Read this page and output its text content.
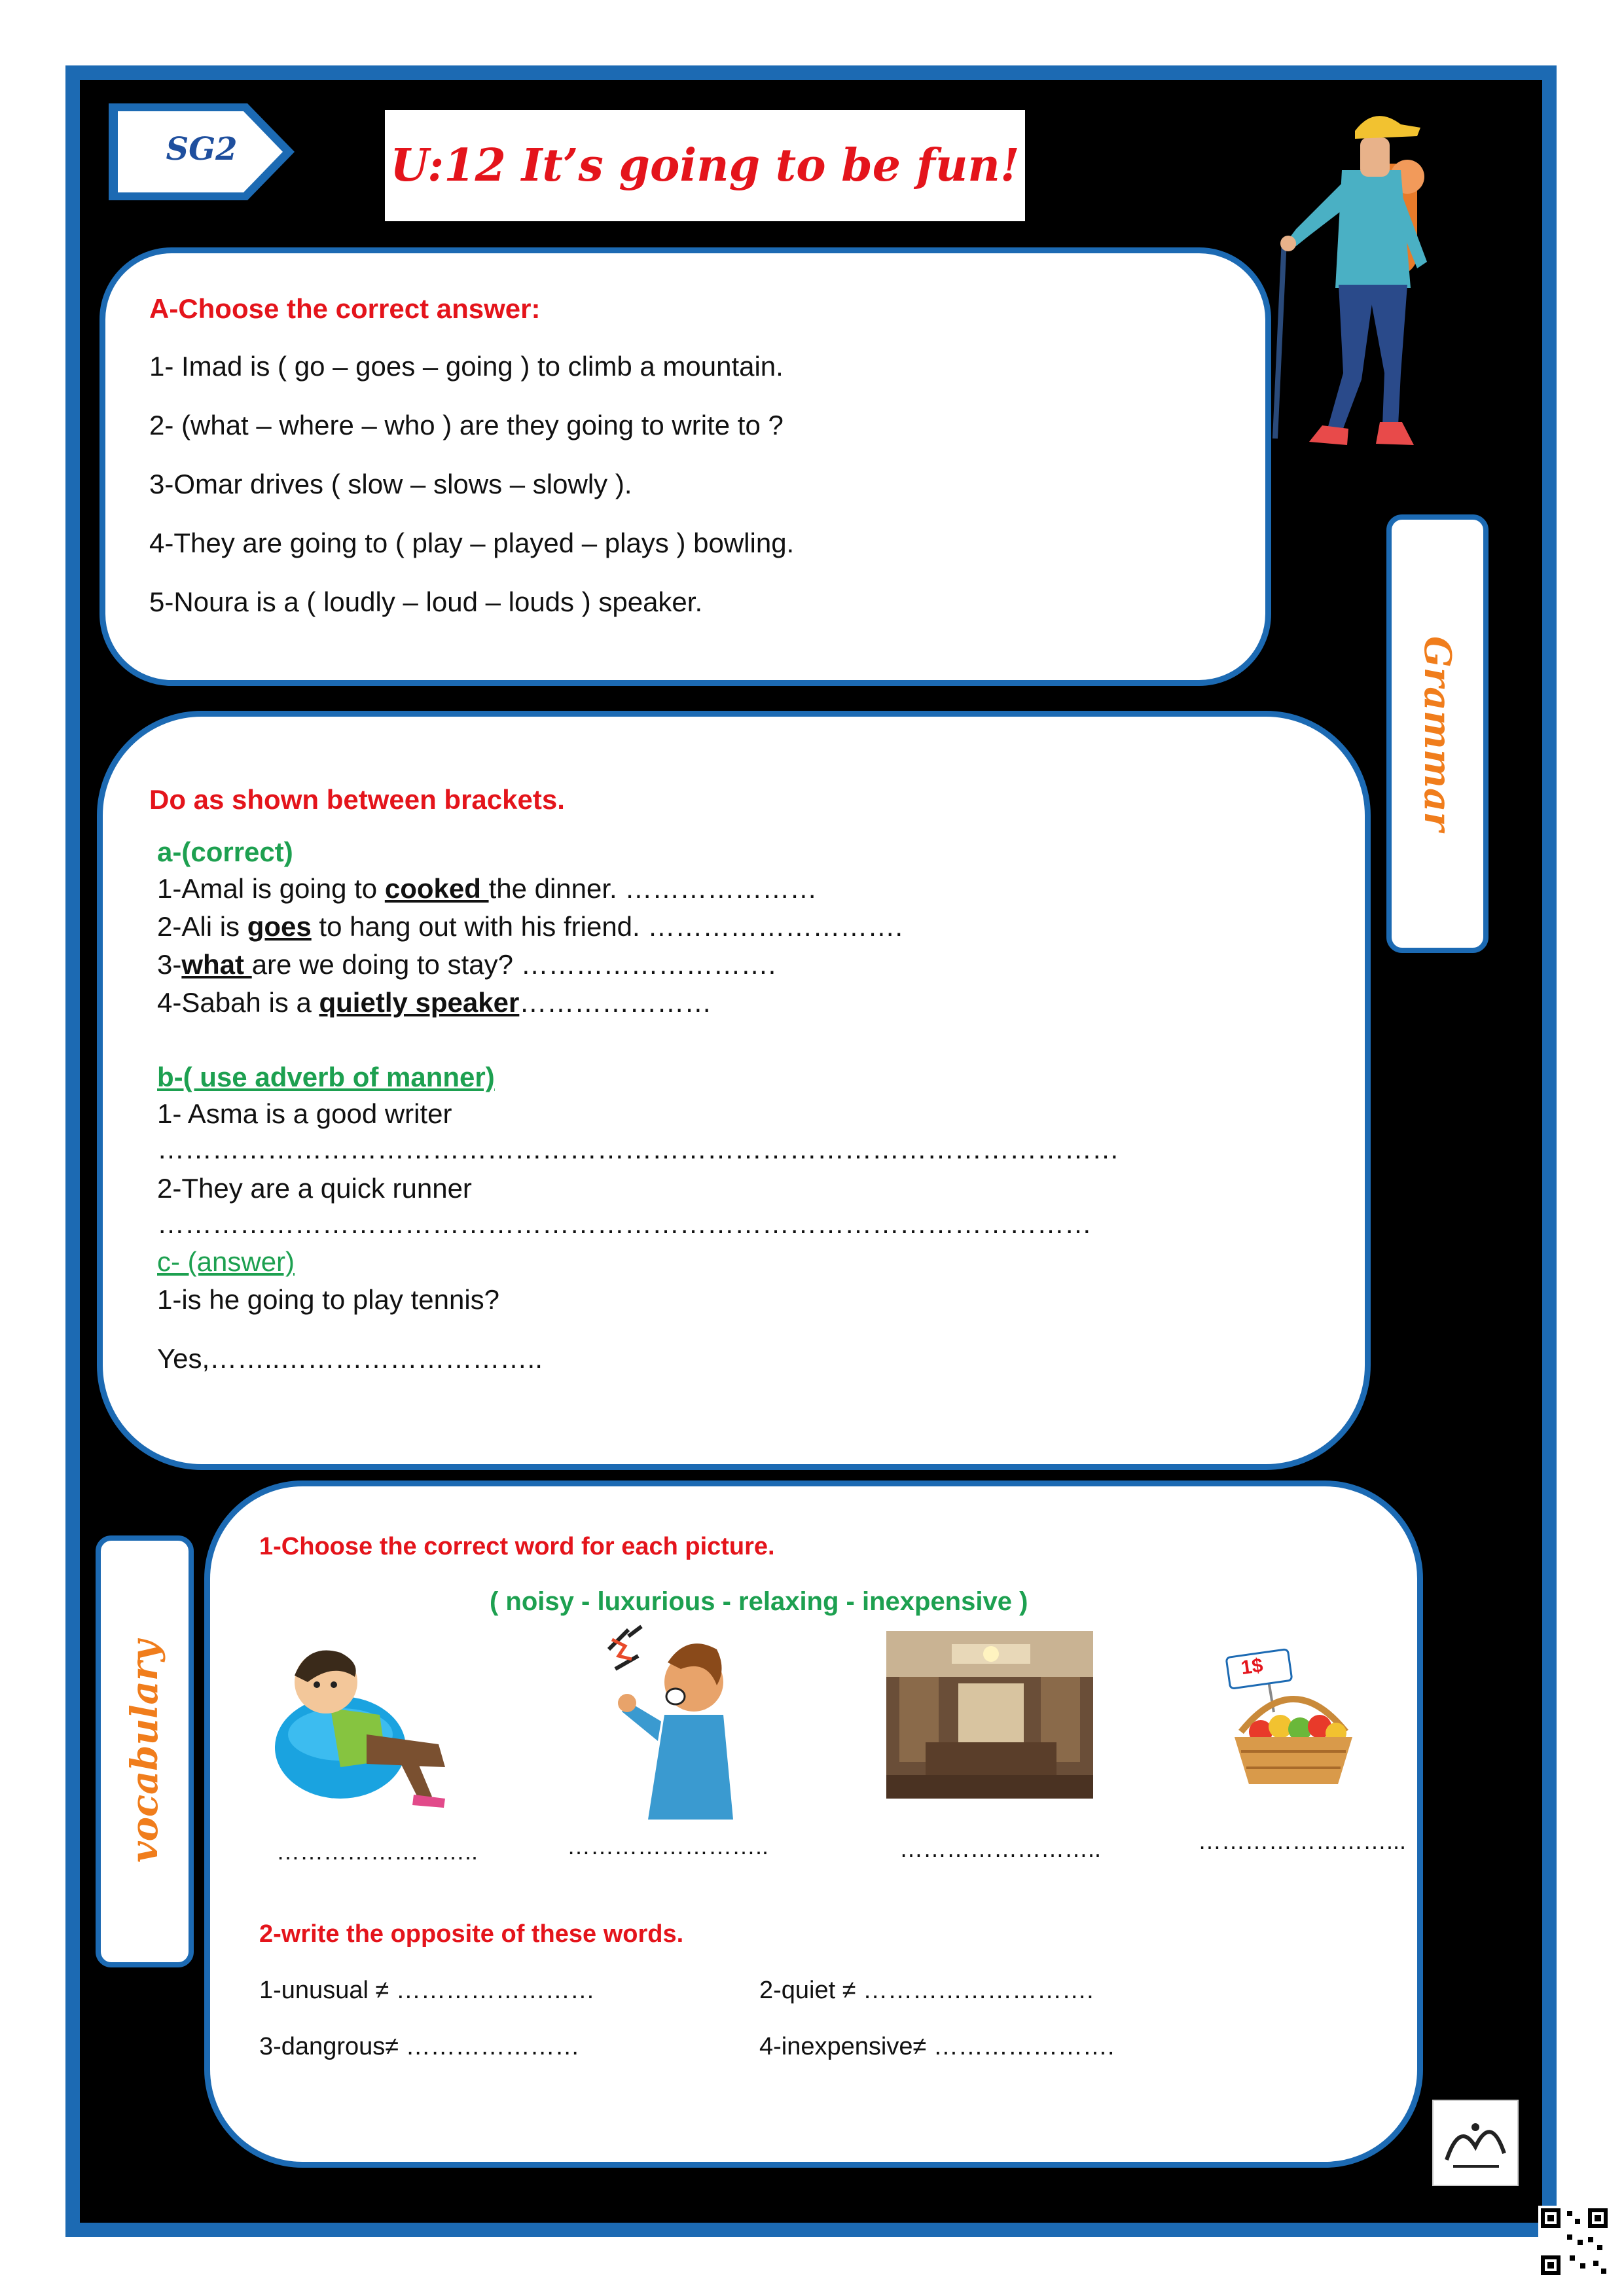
SG2	U:12 It’s going to be fun!
A-Choose the correct answer:
1- Imad is ( go – goes – going ) to climb a mountain.
2- (what – where – who ) are they going to write to ?
3-Omar drives ( slow – slows – slowly ).
4-They are going to ( play – played – plays ) bowling.
5-Noura is a ( loudly – loud – louds ) speaker.
Grammar
Do as shown between brackets.
a-(correct)
1-Amal is going to cooked the dinner. …………………
2-Ali is goes to hang out with his friend. ……………………….
3-what are we doing to stay? ……………………….
4-Sabah is a quietly speaker…………………
b-( use adverb of manner)
1- Asma is a good writer
……………………………………………………………………………………………
2-They are a quick runner
…………………………………………………………………………………………
c- (answer)
1-is he going to play tennis?
Yes,……..………………………..
vocabulary
1-Choose the correct word for each picture.
( noisy - luxurious - relaxing - inexpensive )
1$
……………………..	……………………..	……………………..	……………………...
2-write the opposite of these words.
1-unusual ≠ ……………………	2-quiet ≠ ……………………….
3-dangrous≠ …………………	4-inexpensive≠ ………………….
